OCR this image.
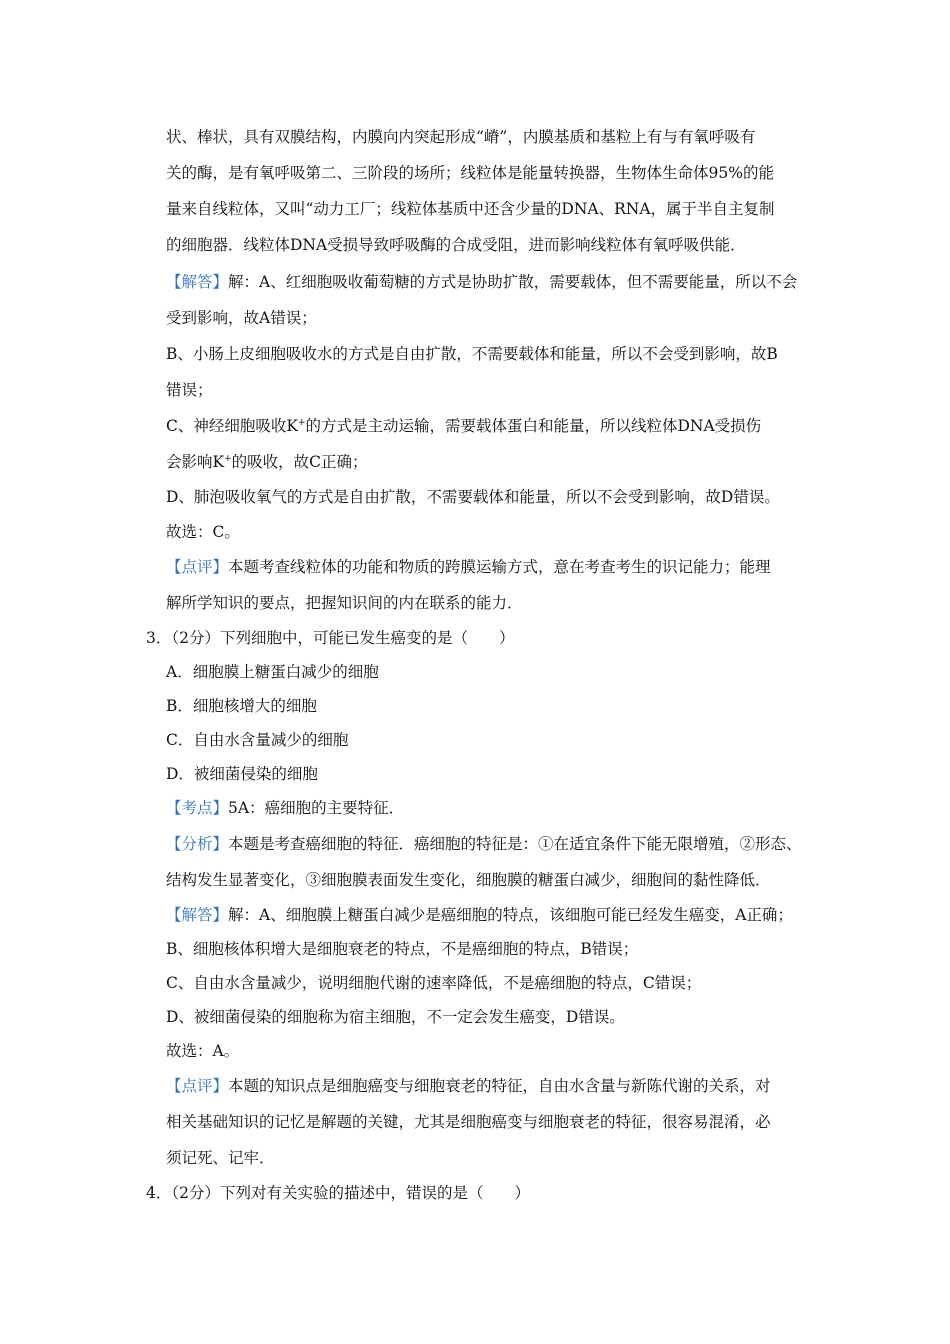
状、棒状，具有双膜结构，内膜向内突起形成“嵴”，内膜基质和基粒上有与有氧呼吸有
关的酶，是有氧呼吸第二、三阶段的场所；线粒体是能量转换器，生物体生命体95%的能
量来自线粒体，又叫“动力工厂；线粒体基质中还含少量的DNA、RNA，属于半自主复制
的细胞器．线粒体DNA受损导致呼吸酶的合成受阻，进而影响线粒体有氧呼吸供能．
【解答】解：A、红细胞吸收葡萄糖的方式是协助扩散，需要载体，但不需要能量，所以不会
受到影响，故A错误；
B、小肠上皮细胞吸收水的方式是自由扩散，不需要载体和能量，所以不会受到影响，故B
错误；
C、神经细胞吸收K+的方式是主动运输，需要载体蛋白和能量，所以线粒体DNA受损伤
会影响K+的吸收，故C正确；
D、肺泡吸收氧气的方式是自由扩散，不需要载体和能量，所以不会受到影响，故D错误。
故选：C。
【点评】本题考查线粒体的功能和物质的跨膜运输方式，意在考查考生的识记能力；能理
解所学知识的要点，把握知识间的内在联系的能力．
3．（2分）下列细胞中，可能已发生癌变的是（　　）
A．细胞膜上糖蛋白减少的细胞
B．细胞核增大的细胞
C．自由水含量减少的细胞
D．被细菌侵染的细胞
【考点】5A：癌细胞的主要特征．
【分析】本题是考查癌细胞的特征．癌细胞的特征是：①在适宜条件下能无限增殖，②形态、
结构发生显著变化，③细胞膜表面发生变化，细胞膜的糖蛋白减少，细胞间的黏性降低．
【解答】解：A、细胞膜上糖蛋白减少是癌细胞的特点，该细胞可能已经发生癌变，A正确；
B、细胞核体积增大是细胞衰老的特点，不是癌细胞的特点，B错误；
C、自由水含量减少，说明细胞代谢的速率降低，不是癌细胞的特点，C错误；
D、被细菌侵染的细胞称为宿主细胞，不一定会发生癌变，D错误。
故选：A。
【点评】本题的知识点是细胞癌变与细胞衰老的特征，自由水含量与新陈代谢的关系，对
相关基础知识的记忆是解题的关键，尤其是细胞癌变与细胞衰老的特征，很容易混淆，必
须记死、记牢．
4．（2分）下列对有关实验的描述中，错误的是（　　）
